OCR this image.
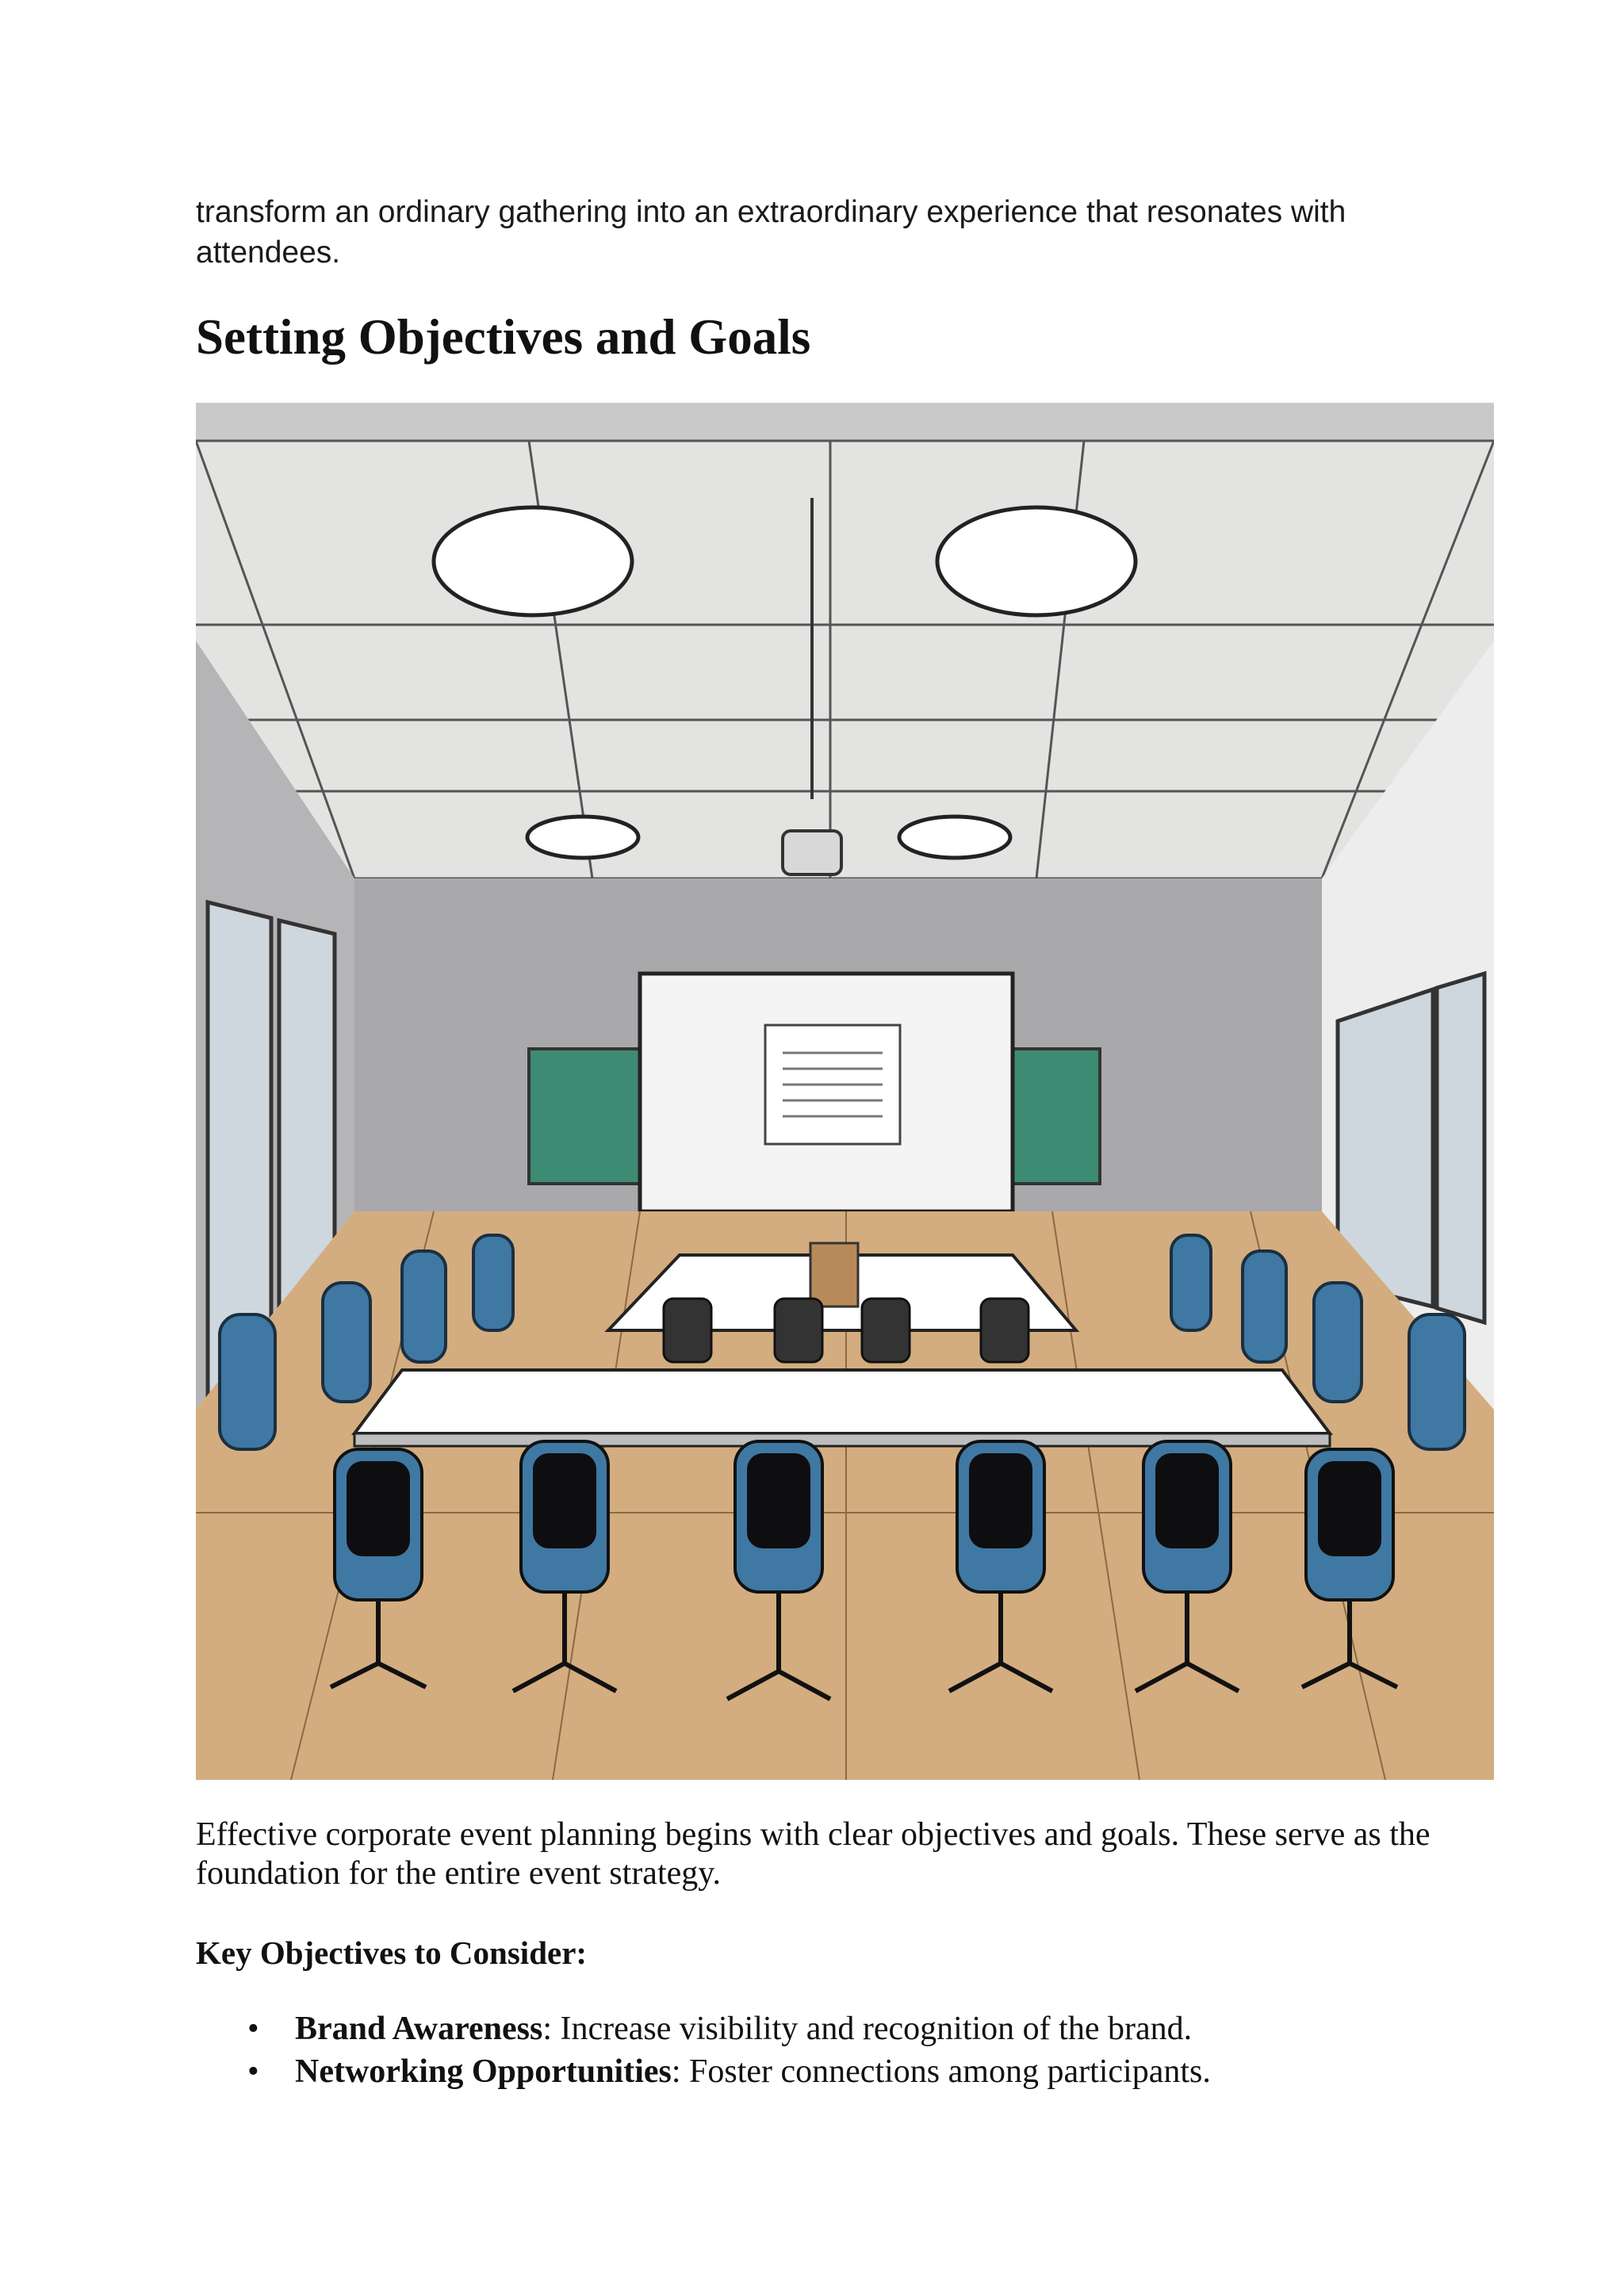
transform an ordinary gathering into an extraordinary experience that resonates with attendees.

Setting Objectives and Goals

Effective corporate event planning begins with clear objectives and goals. These serve as the foundation for the entire event strategy.

Key Objectives to Consider:

• Brand Awareness: Increase visibility and recognition of the brand.
• Networking Opportunities: Foster connections among participants.
